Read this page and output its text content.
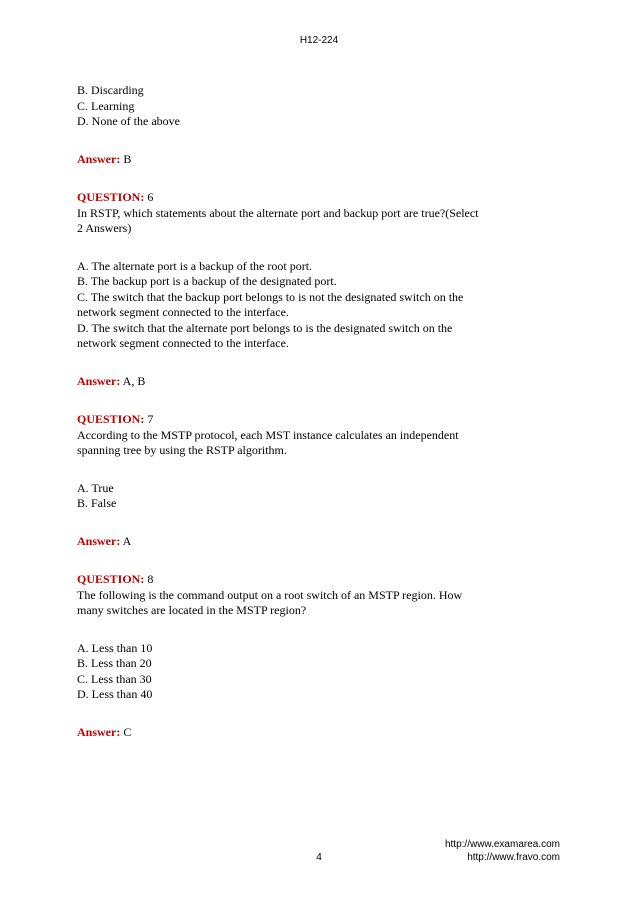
H12-224
B. Discarding
C. Learning
D. None of the above
Answer: B
QUESTION: 6
In RSTP, which statements about the alternate port and backup port are true?(Select
2 Answers)
A. The alternate port is a backup of the root port.
B. The backup port is a backup of the designated port.
C. The switch that the backup port belongs to is not the designated switch on the
network segment connected to the interface.
D. The switch that the alternate port belongs to is the designated switch on the
network segment connected to the interface.
Answer: A, B
QUESTION: 7
According to the MSTP protocol, each MST instance calculates an independent
spanning tree by using the RSTP algorithm.
A. True
B. False
Answer: A
QUESTION: 8
The following is the command output on a root switch of an MSTP region. How
many switches are located in the MSTP region?
A. Less than 10
B. Less than 20
C. Less than 30
D. Less than 40
Answer: C
http://www.examarea.com
http://www.fravo.com
4
